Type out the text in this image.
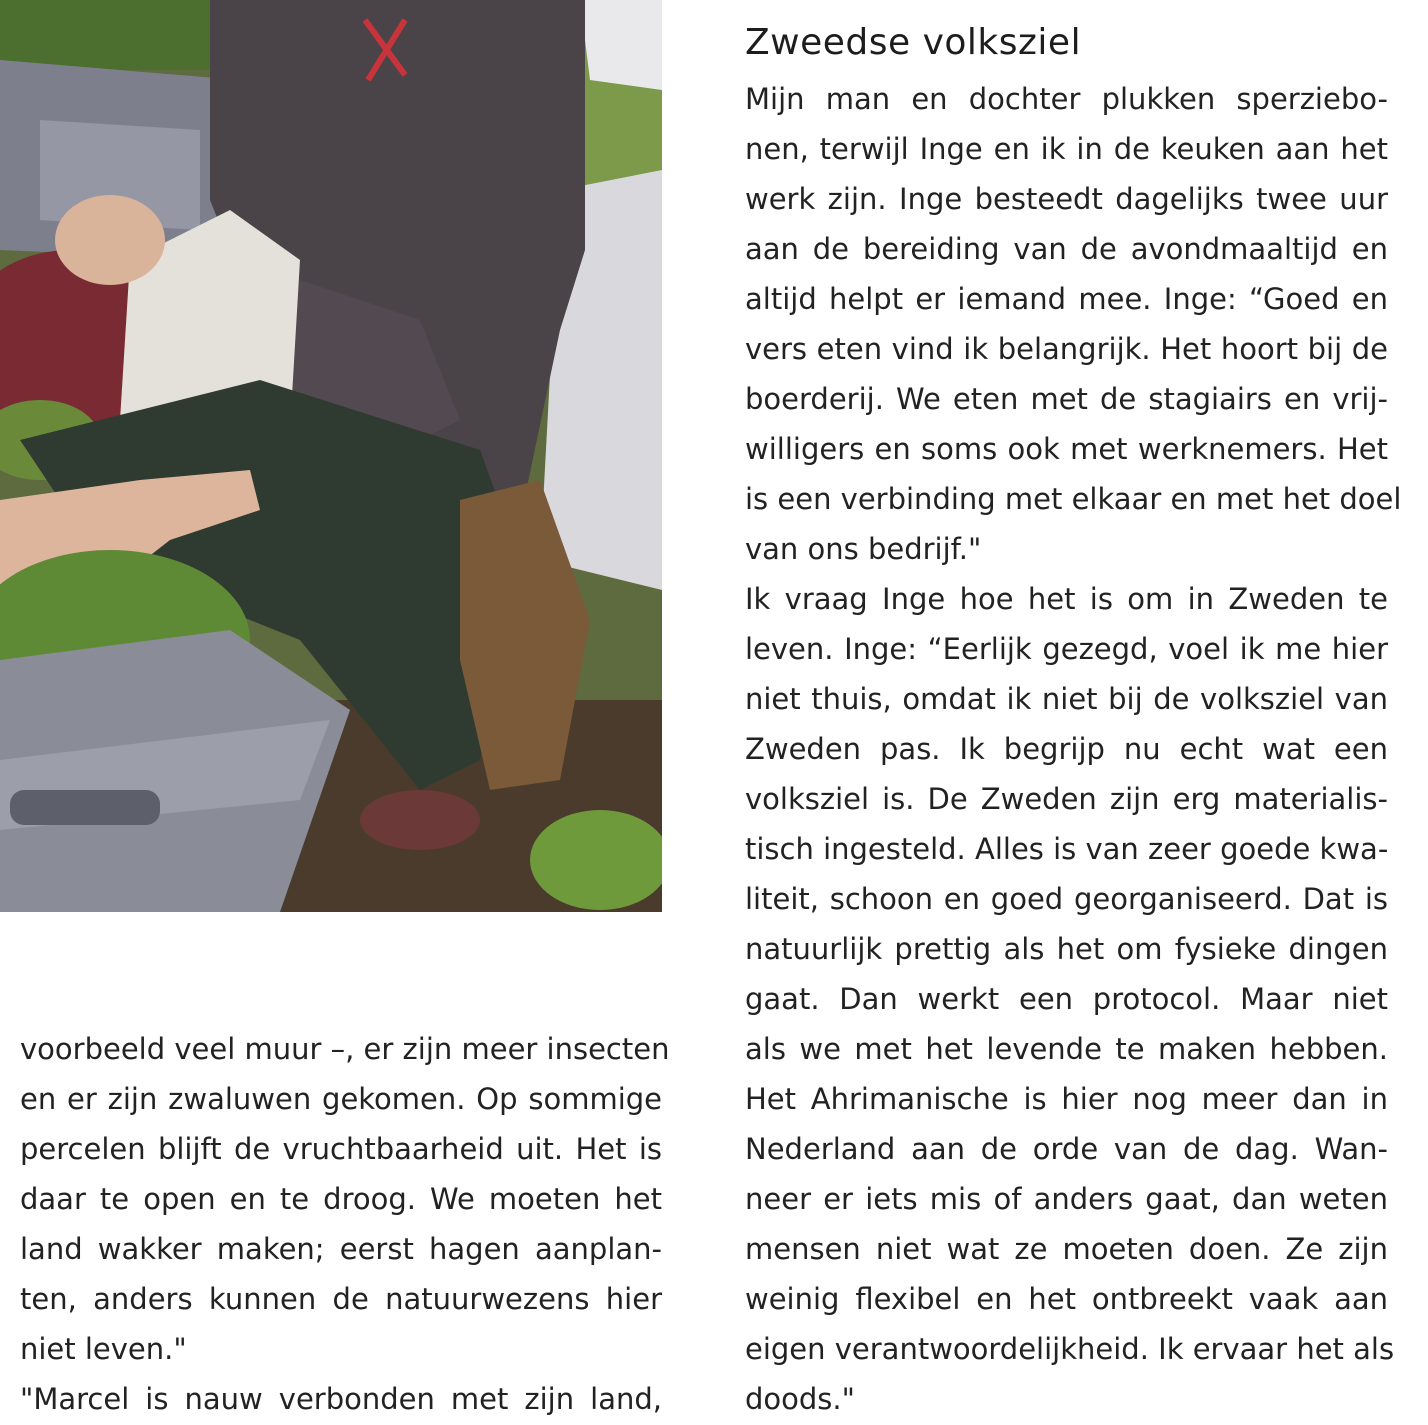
voorbeeld veel muur –, er zijn meer insecten
en er zijn zwaluwen gekomen. Op sommige
percelen blijft de vruchtbaarheid uit. Het is
daar te open en te droog. We moeten het
land wakker maken; eerst hagen aanplan-
ten, anders kunnen de natuurwezens hier
niet leven."
"Marcel is nauw verbonden met zijn land,
Zweedse volksziel
Mijn man en dochter plukken sperziebo-
nen, terwijl Inge en ik in de keuken aan het
werk zijn. Inge besteedt dagelijks twee uur
aan de bereiding van de avondmaaltijd en
altijd helpt er iemand mee. Inge: “Goed en
vers eten vind ik belangrijk. Het hoort bij de
boerderij. We eten met de stagiairs en vrij-
willigers en soms ook met werknemers. Het
is een verbinding met elkaar en met het doel
van ons bedrijf."
Ik vraag Inge hoe het is om in Zweden te
leven. Inge: “Eerlijk gezegd, voel ik me hier
niet thuis, omdat ik niet bij de volksziel van
Zweden pas. Ik begrijp nu echt wat een
volksziel is. De Zweden zijn erg materialis-
tisch ingesteld. Alles is van zeer goede kwa-
liteit, schoon en goed georganiseerd. Dat is
natuurlijk prettig als het om fysieke dingen
gaat. Dan werkt een protocol. Maar niet
als we met het levende te maken hebben.
Het Ahrimanische is hier nog meer dan in
Nederland aan de orde van de dag. Wan-
neer er iets mis of anders gaat, dan weten
mensen niet wat ze moeten doen. Ze zijn
weinig flexibel en het ontbreekt vaak aan
eigen verantwoordelijkheid. Ik ervaar het als
doods."
